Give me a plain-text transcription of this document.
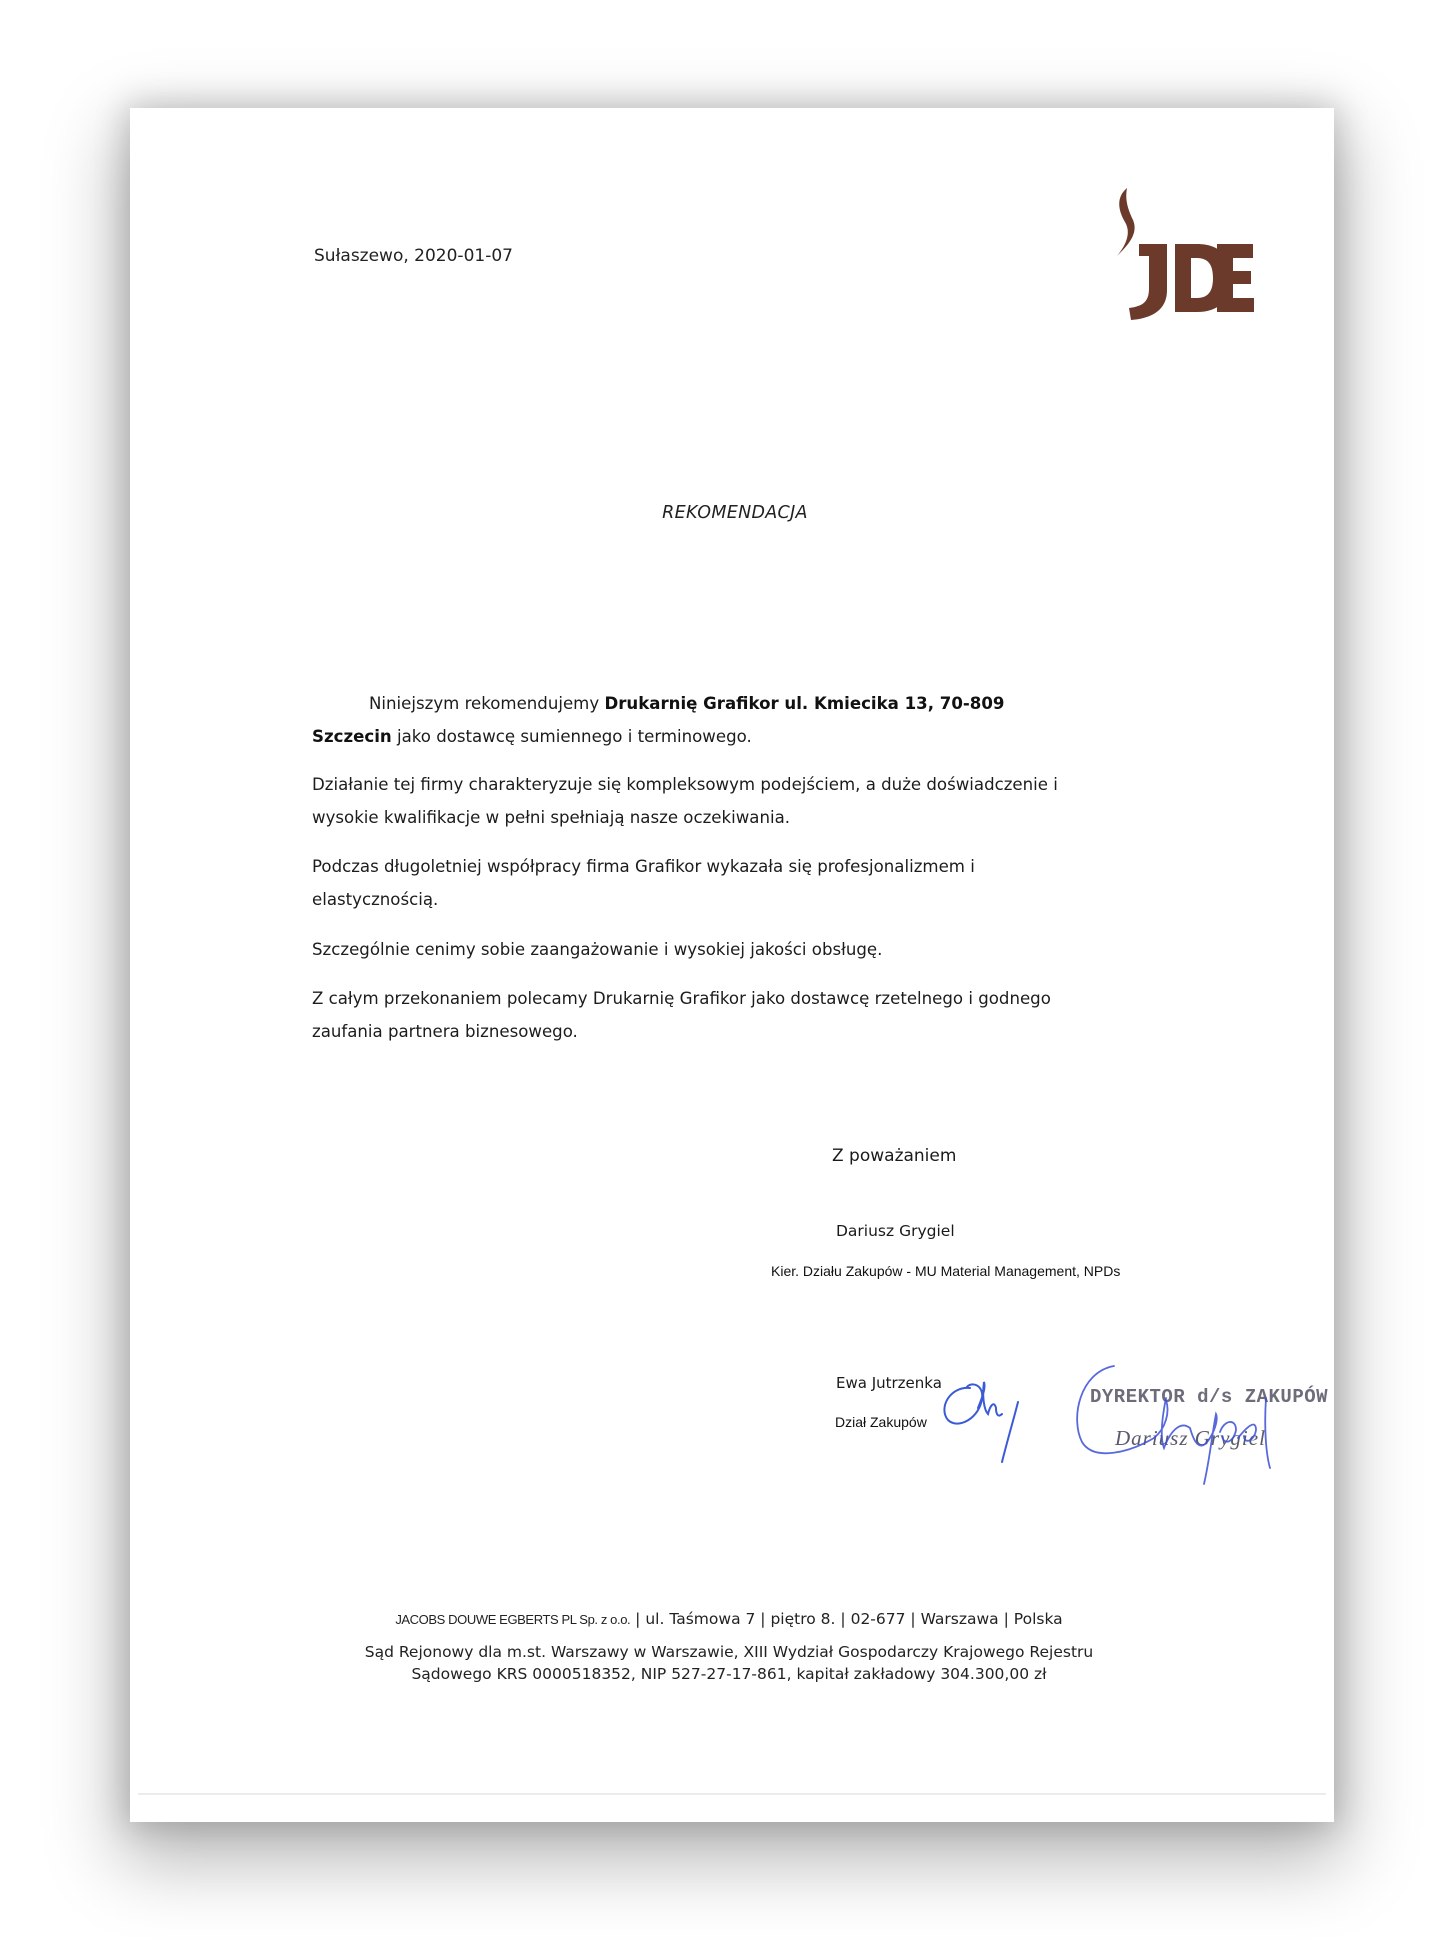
Sułaszewo, 2020-01-07
REKOMENDACJA
Niniejszym rekomendujemy Drukarnię Grafikor ul. Kmiecika 13, 70-809
Szczecin jako dostawcę sumiennego i terminowego.
Działanie tej firmy charakteryzuje się kompleksowym podejściem, a duże doświadczenie i
wysokie kwalifikacje w pełni spełniają nasze oczekiwania.
Podczas długoletniej współpracy firma Grafikor wykazała się profesjonalizmem i
elastycznością.
Szczególnie cenimy sobie zaangażowanie i wysokiej jakości obsługę.
Z całym przekonaniem polecamy Drukarnię Grafikor jako dostawcę rzetelnego i godnego
zaufania partnera biznesowego.
Z poważaniem
Dariusz Grygiel
Kier. Działu Zakupów - MU Material Management, NPDs
Ewa Jutrzenka
Dział Zakupów
DYREKTOR d/s ZAKUPÓW
Dariusz Grygiel
JACOBS DOUWE EGBERTS PL Sp. z o.o. | ul. Taśmowa 7 | piętro 8. | 02-677 | Warszawa | Polska
Sąd Rejonowy dla m.st. Warszawy w Warszawie, XIII Wydział Gospodarczy Krajowego Rejestru
Sądowego KRS 0000518352, NIP 527-27-17-861, kapitał zakładowy 304.300,00 zł
